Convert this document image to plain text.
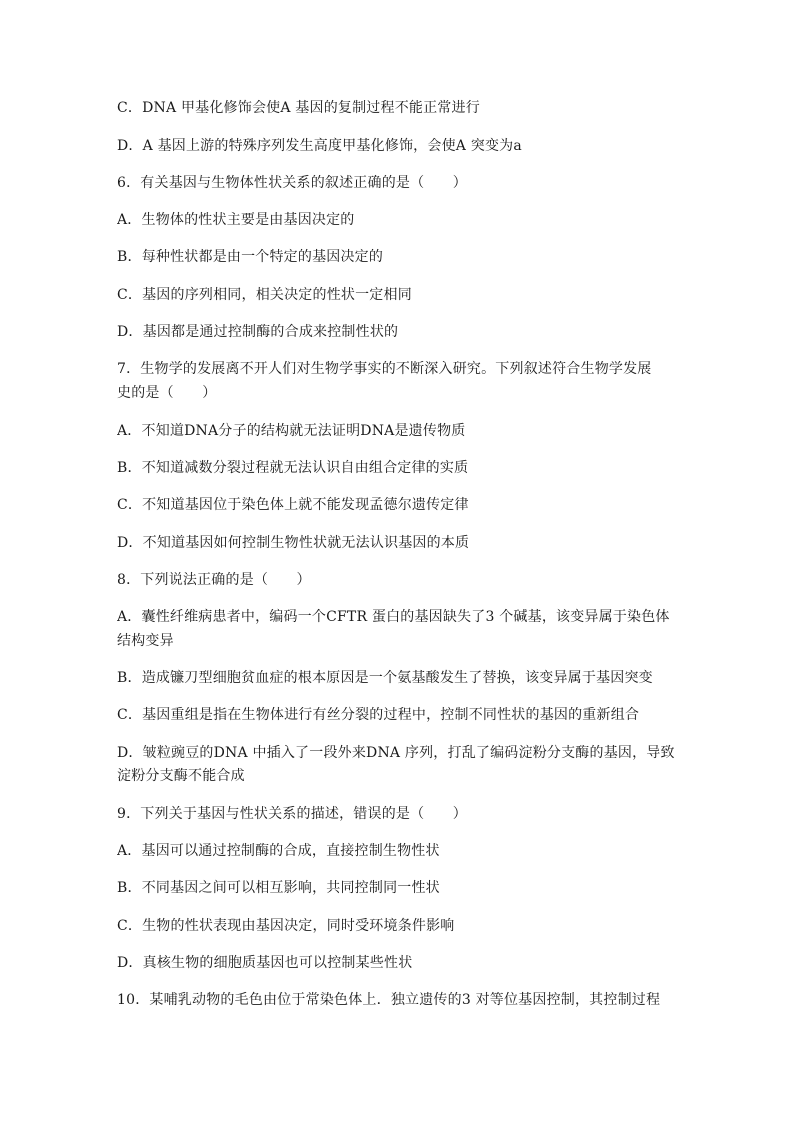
C．DNA 甲基化修饰会使A 基因的复制过程不能正常进行
D．A 基因上游的特殊序列发生高度甲基化修饰，会使A 突变为a
6．有关基因与生物体性状关系的叙述正确的是（　　）
A．生物体的性状主要是由基因决定的
B．每种性状都是由一个特定的基因决定的
C．基因的序列相同，相关决定的性状一定相同
D．基因都是通过控制酶的合成来控制性状的
7．生物学的发展离不开人们对生物学事实的不断深入研究。下列叙述符合生物学发展
史的是（　　）
A．不知道DNA分子的结构就无法证明DNA是遗传物质
B．不知道减数分裂过程就无法认识自由组合定律的实质
C．不知道基因位于染色体上就不能发现孟德尔遗传定律
D．不知道基因如何控制生物性状就无法认识基因的本质
8．下列说法正确的是（　　）
A．囊性纤维病患者中，编码一个CFTR 蛋白的基因缺失了3 个碱基，该变异属于染色体
结构变异
B．造成镰刀型细胞贫血症的根本原因是一个氨基酸发生了替换，该变异属于基因突变
C．基因重组是指在生物体进行有丝分裂的过程中，控制不同性状的基因的重新组合
D．皱粒豌豆的DNA 中插入了一段外来DNA 序列，打乱了编码淀粉分支酶的基因，导致
淀粉分支酶不能合成
9．下列关于基因与性状关系的描述，错误的是（　　）
A．基因可以通过控制酶的合成，直接控制生物性状
B．不同基因之间可以相互影响，共同控制同一性状
C．生物的性状表现由基因决定，同时受环境条件影响
D．真核生物的细胞质基因也可以控制某些性状
10．某哺乳动物的毛色由位于常染色体上．独立遗传的3 对等位基因控制，其控制过程
